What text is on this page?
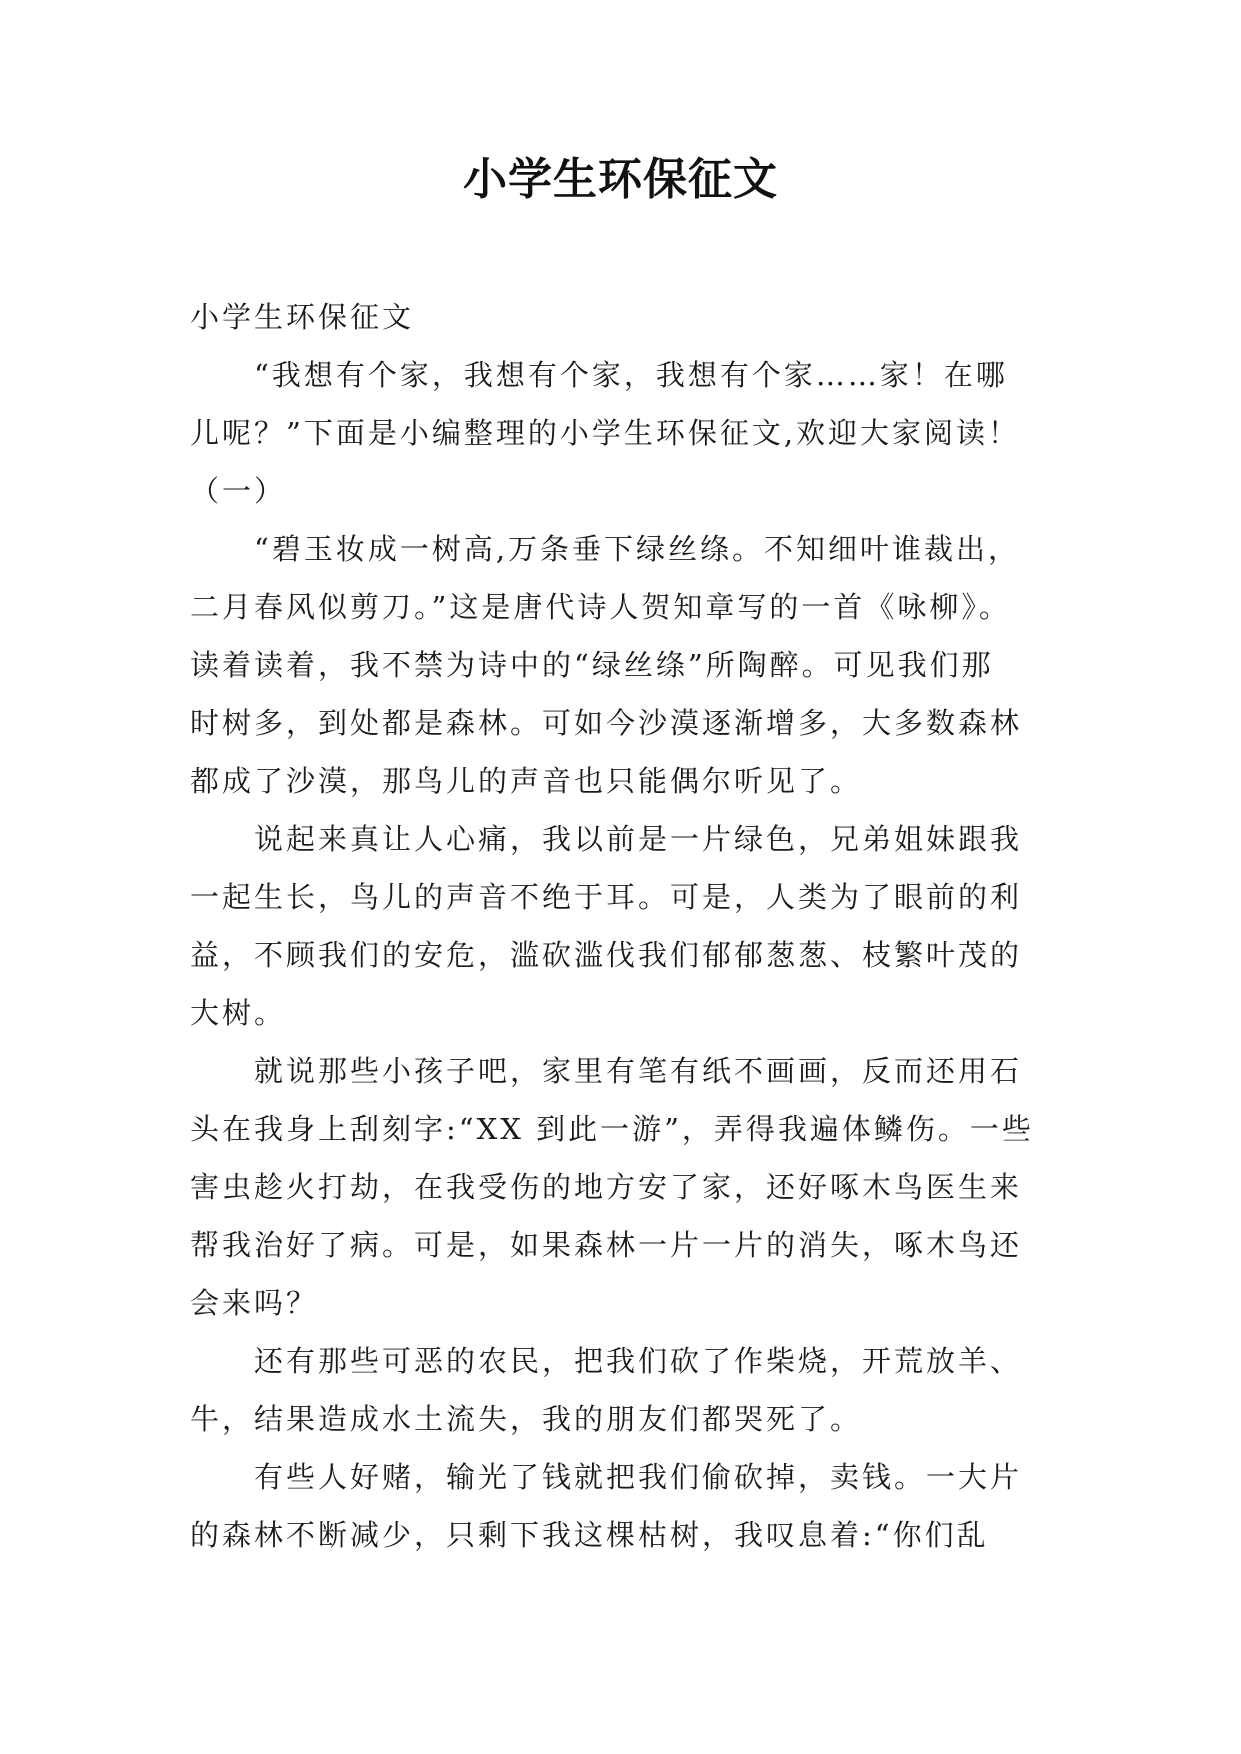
小学生环保征文
小学生环保征文
“我想有个家，我想有个家，我想有个家……家！在哪
儿呢？”下面是小编整理的小学生环保征文,欢迎大家阅读！
（一）
“碧玉妆成一树高,万条垂下绿丝绦。不知细叶谁裁出，
二月春风似剪刀。”这是唐代诗人贺知章写的一首《咏柳》。
读着读着，我不禁为诗中的“绿丝绦”所陶醉。可见我们那
时树多，到处都是森林。可如今沙漠逐渐增多，大多数森林
都成了沙漠，那鸟儿的声音也只能偶尔听见了。
说起来真让人心痛，我以前是一片绿色，兄弟姐妹跟我
一起生长，鸟儿的声音不绝于耳。可是，人类为了眼前的利
益，不顾我们的安危，滥砍滥伐我们郁郁葱葱、枝繁叶茂的
大树。
就说那些小孩子吧，家里有笔有纸不画画，反而还用石
头在我身上刮刻字:“XX 到此一游”，弄得我遍体鳞伤。一些
害虫趁火打劫，在我受伤的地方安了家，还好啄木鸟医生来
帮我治好了病。可是，如果森林一片一片的消失，啄木鸟还
会来吗？
还有那些可恶的农民，把我们砍了作柴烧，开荒放羊、
牛，结果造成水土流失，我的朋友们都哭死了。
有些人好赌，输光了钱就把我们偷砍掉，卖钱。一大片
的森林不断减少，只剩下我这棵枯树，我叹息着:“你们乱
